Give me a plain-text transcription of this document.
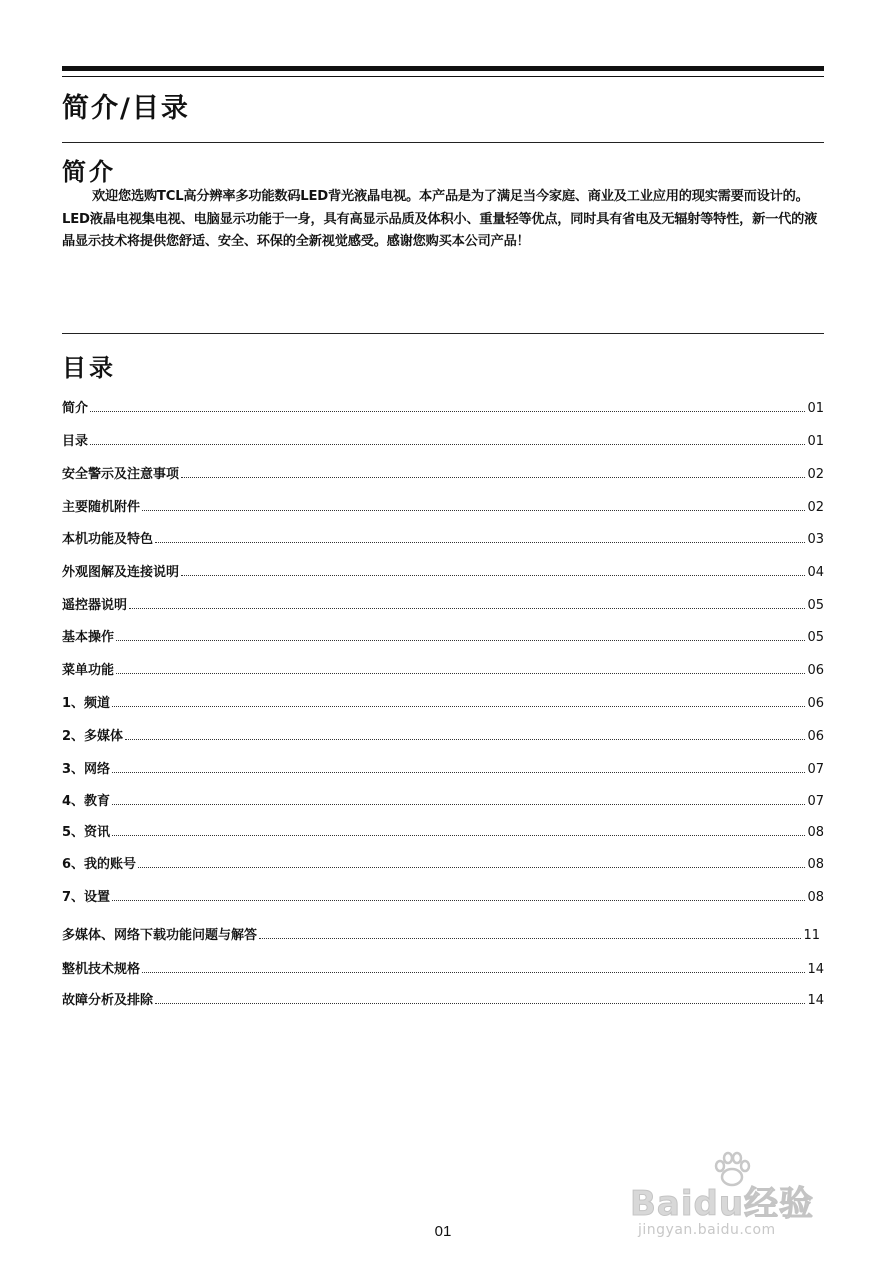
简介/目录
简介

欢迎您选购TCL高分辨率多功能数码LED背光液晶电视。本产品是为了满足当今家庭、商业及工业应用的现实需要而设计的。LED液晶电视集电视、电脑显示功能于一身，具有高显示品质及体积小、重量轻等优点，同时具有省电及无辐射等特性，新一代的液晶显示技术将提供您舒适、安全、环保的全新视觉感受。感谢您购买本公司产品！

目录
简介	01
目录	01
安全警示及注意事项	02
主要随机附件	02
本机功能及特色	03
外观图解及连接说明	04
遥控器说明	05
基本操作	05
菜单功能	06
1、频道	06
2、多媒体	06
3、网络	07
4、教育	07
5、资讯	08
6、我的账号	08
7、设置	08
多媒体、网络下载功能问题与解答	11
整机技术规格	14
故障分析及排除	14
Baidu经验
jingyan.baidu.com
01
